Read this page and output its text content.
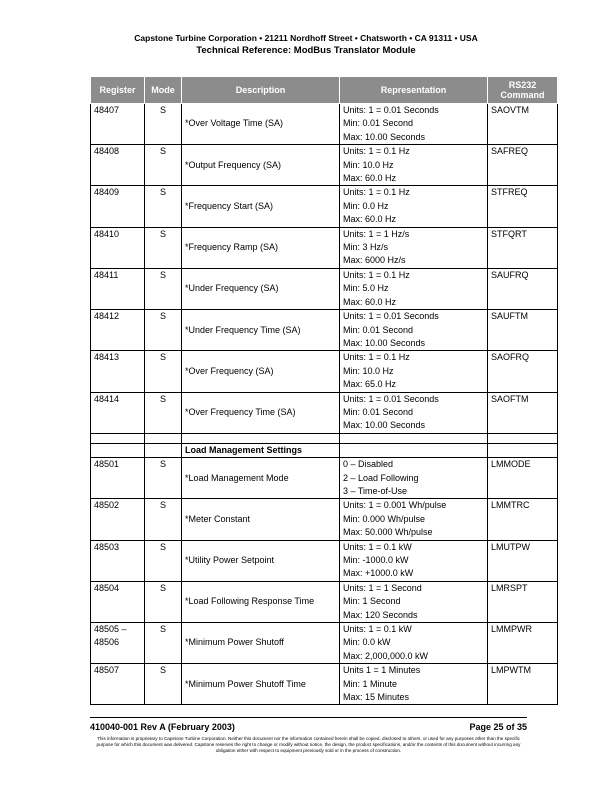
Capstone Turbine Corporation • 21211 Nordhoff Street • Chatsworth • CA 91311 • USA
Technical Reference: ModBus Translator Module
Register	Mode	Description	Representation	RS232 Command
48407	S	*Over Voltage Time (SA)	Units: 1 = 0.01 Seconds
Min: 0.01 Second
Max: 10.00 Seconds	SAOVTM
48408	S	*Output Frequency (SA)	Units: 1 = 0.1 Hz
Min: 10.0 Hz
Max: 60.0 Hz	SAFREQ
48409	S	*Frequency Start (SA)	Units: 1 = 0.1 Hz
Min: 0.0 Hz
Max: 60.0 Hz	STFREQ
48410	S	*Frequency Ramp (SA)	Units: 1 = 1 Hz/s
Min: 3 Hz/s
Max: 6000 Hz/s	STFQRT
48411	S	*Under Frequency (SA)	Units: 1 = 0.1 Hz
Min: 5.0 Hz
Max: 60.0 Hz	SAUFRQ
48412	S	*Under Frequency Time (SA)	Units: 1 = 0.01 Seconds
Min: 0.01 Second
Max: 10.00 Seconds	SAUFTM
48413	S	*Over Frequency (SA)	Units: 1 = 0.1 Hz
Min: 10.0 Hz
Max: 65.0 Hz	SAOFRQ
48414	S	*Over Frequency Time (SA)	Units: 1 = 0.01 Seconds
Min: 0.01 Second
Max: 10.00 Seconds	SAOFTM

		Load Management Settings		
48501	S	*Load Management Mode	0 – Disabled
2 – Load Following
3 – Time-of-Use	LMMODE
48502	S	*Meter Constant	Units: 1 = 0.001 Wh/pulse
Min: 0.000 Wh/pulse
Max: 50.000 Wh/pulse	LMMTRC
48503	S	*Utility Power Setpoint	Units: 1 = 0.1 kW
Min: -1000.0 kW
Max: +1000.0 kW	LMUTPW
48504	S	*Load Following Response Time	Units: 1 = 1 Second
Min: 1 Second
Max: 120 Seconds	LMRSPT
48505 – 48506	S	*Minimum Power Shutoff	Units: 1 = 0.1 kW
Min: 0.0 kW
Max: 2,000,000.0 kW	LMMPWR
48507	S	*Minimum Power Shutoff Time	Units 1 = 1 Minutes
Min: 1 Minute
Max: 15 Minutes	LMPWTM
410040-001 Rev A (February 2003)	Page 25 of 35
This information is proprietary to Capstone Turbine Corporation. Neither this document nor the information contained herein shall be copied, disclosed to others, or used for any purposes other than the specific purpose for which this document was delivered. Capstone reserves the right to change or modify without notice, the design, the product specifications, and/or the contents of this document without incurring any obligation either with respect to equipment previously sold or in the process of construction.
